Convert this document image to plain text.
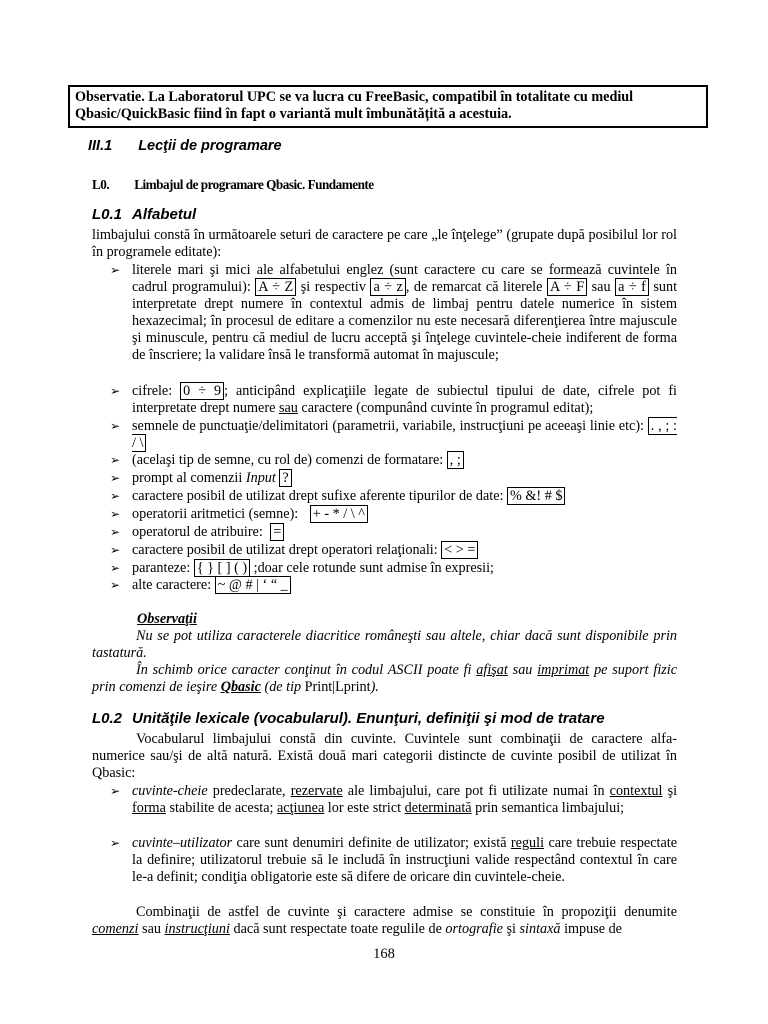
Observatie. La Laboratorul UPC se va lucra cu FreeBasic, compatibil în totalitate cu mediul Qbasic/QuickBasic fiind în fapt o variantă mult îmbunătățită a acestuia.
III.1 Lecţii de programare
L0. Limbajul de programare Qbasic. Fundamente
L0.1 Alfabetul
limbajului constă în următoarele seturi de caractere pe care „le înţelege” (grupate după posibilul lor rol în programele editate):
➢ literele mari şi mici ale alfabetului englez (sunt caractere cu care se formează cuvintele în cadrul programului): A ÷ Z şi respectiv a ÷ z , de remarcat că literele A ÷ F sau a ÷ f sunt interpretate drept numere în contextul admis de limbaj pentru datele numerice în sistem hexazecimal; în procesul de editare a comenzilor nu este necesară diferenţierea între majuscule şi minuscule, pentru că mediul de lucru acceptă şi înţelege cuvintele-cheie indiferent de forma de înscriere; la validare însă le transformă automat în majuscule;
➢ cifrele: 0 ÷ 9 ; anticipând explicaţiile legate de subiectul tipului de date, cifrele pot fi interpretate drept numere sau caractere (compunând cuvinte în programul editat);
➢ semnele de punctuaţie/delimitatori (parametrii, variabile, instrucţiuni pe aceeaşi linie etc): . , ; : / \
➢ (acelaşi tip de semne, cu rol de) comenzi de formatare: , ;
➢ prompt al comenzii Input ?
➢ caractere posibil de utilizat drept sufixe aferente tipurilor de date: % &! # $
➢ operatorii aritmetici (semne): + - * / \ ^
➢ operatorul de atribuire: =
➢ caractere posibil de utilizat drept operatori relaţionali: < > =
➢ paranteze: { } [ ] ( ) ;doar cele rotunde sunt admise în expresii;
➢ alte caractere: ~ @ # | ‘ “ _
Observaţii
Nu se pot utiliza caracterele diacritice româneşti sau altele, chiar dacă sunt disponibile prin tastatură.
În schimb orice caracter conţinut în codul ASCII poate fi afişat sau imprimat pe suport fizic prin comenzi de ieşire Qbasic (de tip Print|Lprint).
L0.2 Unităţile lexicale (vocabularul). Enunţuri, definiţii şi mod de tratare
Vocabularul limbajului constă din cuvinte. Cuvintele sunt combinaţii de caractere alfa-numerice sau/şi de altă natură. Există două mari categorii distincte de cuvinte posibil de utilizat în Qbasic:
➢ cuvinte-cheie predeclarate, rezervate ale limbajului, care pot fi utilizate numai în contextul şi forma stabilite de acesta; acţiunea lor este strict determinată prin semantica limbajului;
➢ cuvinte–utilizator care sunt denumiri definite de utilizator; există reguli care trebuie respectate la definire; utilizatorul trebuie să le includă în instrucţiuni valide respectând contextul în care le-a definit; condiţia obligatorie este să difere de oricare din cuvintele-cheie.
Combinaţii de astfel de cuvinte şi caractere admise se constituie în propoziţii denumite comenzi sau instrucţiuni dacă sunt respectate toate regulile de ortografie şi sintaxă impuse de
168
